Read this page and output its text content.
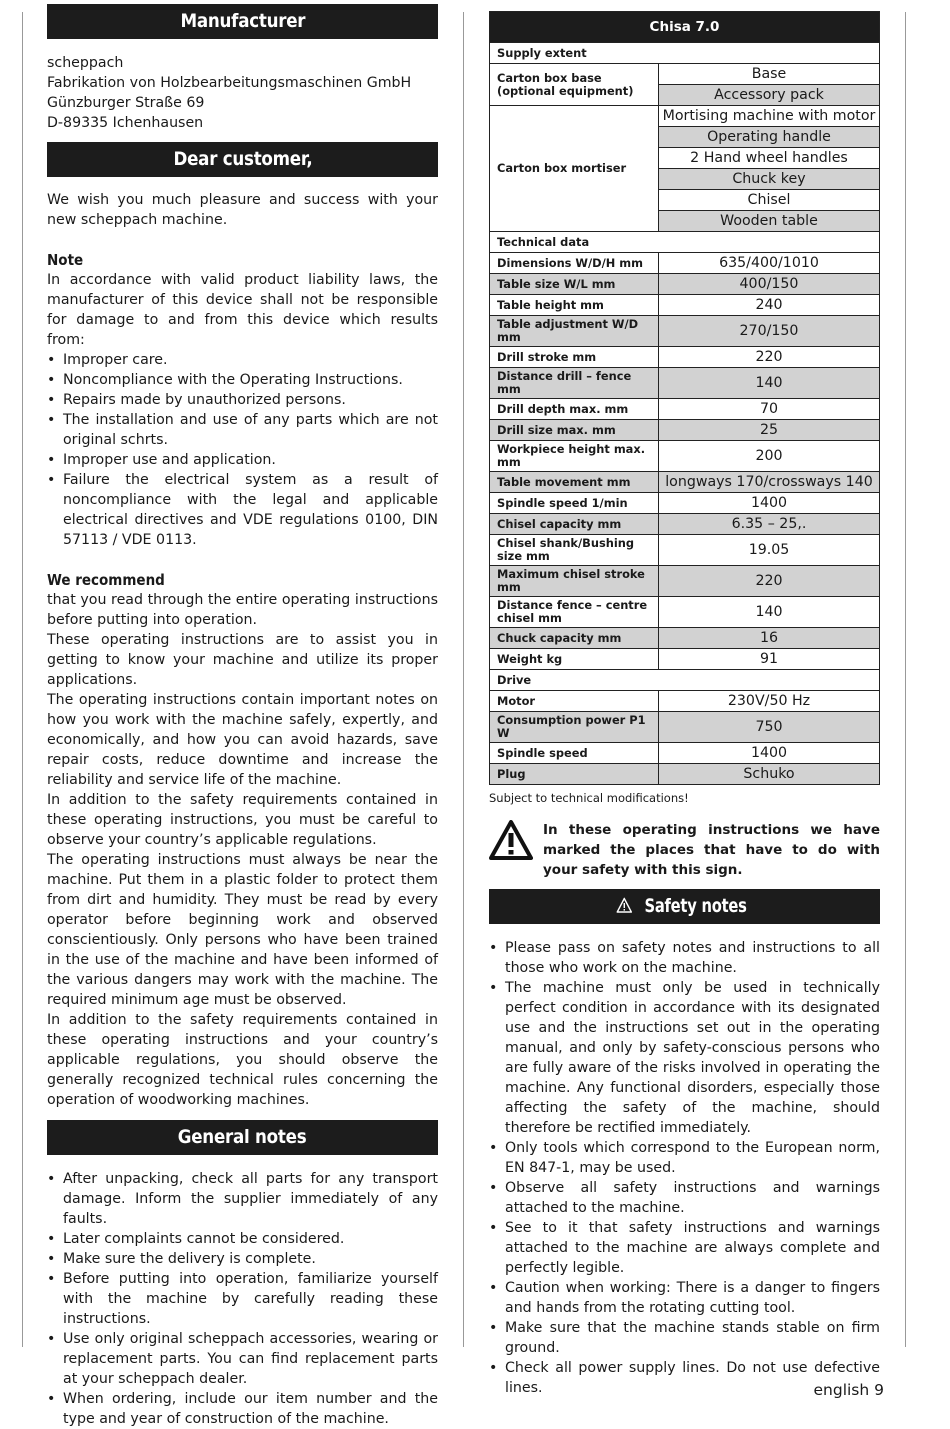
Manufacturer

scheppach

Fabrikation von Holzbearbeitungsmaschinen GmbH

Günzburger Straße 69

D-89335 Ichenhausen

Dear customer,

We wish you much pleasure and success with your new scheppach machine.

Note

In accordance with valid product liability laws, the manufacturer of this device shall not be responsible for damage to and from this device which results from:

• Improper care.
• Noncompliance with the Operating Instructions.
• Repairs made by unauthorized persons.
• The installation and use of any parts which are not original schrts.
• Improper use and application.
• Failure the electrical system as a result of noncompliance with the legal and applicable electrical directives and VDE regulations 0100, DIN 57113 / VDE 0113.
We recommend

that you read through the entire operating instructions before putting into operation.

These operating instructions are to assist you in getting to know your machine and utilize its proper applications.

The operating instructions contain important notes on how you work with the machine safely, expertly, and economically, and how you can avoid hazards, save repair costs, reduce downtime and increase the reliability and service life of the machine.

In addition to the safety requirements contained in these operating instructions, you must be careful to observe your country’s applicable regulations.

The operating instructions must always be near the machine. Put them in a plastic folder to protect them from dirt and humidity. They must be read by every operator before beginning work and observed conscientiously. Only persons who have been trained in the use of the machine and have been informed of the various dangers may work with the machine. The required minimum age must be observed.

In addition to the safety requirements contained in these operating instructions and your country’s applicable regulations, you should observe the generally recognized technical rules concerning the operation of woodworking machines.

General notes
• After unpacking, check all parts for any transport damage. Inform the supplier immediately of any faults.
• Later complaints cannot be considered.
• Make sure the delivery is complete.
• Before putting into operation, familiarize yourself with the machine by carefully reading these instructions.
• Use only original scheppach accessories, wearing or replacement parts. You can find replacement parts at your scheppach dealer.
• When ordering, include our item number and the type and year of construction of the machine.
Chisa 7.0	
Supply extent	
Carton box base (optional equipment)	Base
	Accessory pack
Carton box mortiser	Mortising machine with motor
	Operating handle
	2 Hand wheel handles
	Chuck key
	Chisel
	Wooden table
Technical data	
Dimensions W/D/H mm	635/400/1010
Table size W/L mm	400/150
Table height mm	240
Table adjustment W/D mm	270/150
Drill stroke mm	220
Distance drill – fence mm	140
Drill depth max. mm	70
Drill size max. mm	25
Workpiece height max. mm	200
Table movement mm	longways 170/crossways 140
Spindle speed 1/min	1400
Chisel capacity mm	6.35 – 25,.
Chisel shank/Bushing size mm	19.05
Maximum chisel stroke mm	220
Distance fence – centre chisel mm	140
Chuck capacity mm	16
Weight kg	91
Drive	
Motor	230V/50 Hz
Consumption power P1 W	750
Spindle speed	1400
Plug	Schuko

Subject to technical modifications!

In these operating instructions we have marked the places that have to do with your safety with this sign.
Safety notes
• Please pass on safety notes and instructions to all those who work on the machine.
• The machine must only be used in technically perfect condition in accordance with its designated use and the instructions set out in the operating manual, and only by safety-conscious persons who are fully aware of the risks involved in operating the machine. Any functional disorders, especially those affecting the safety of the machine, should therefore be rectified immediately.
• Only tools which correspond to the European norm, EN 847-1, may be used.
• Observe all safety instructions and warnings attached to the machine.
• See to it that safety instructions and warnings attached to the machine are always complete and perfectly legible.
• Caution when working: There is a danger to fingers and hands from the rotating cutting tool.
• Make sure that the machine stands stable on firm ground.
• Check all power supply lines. Do not use defective lines.	english 9
